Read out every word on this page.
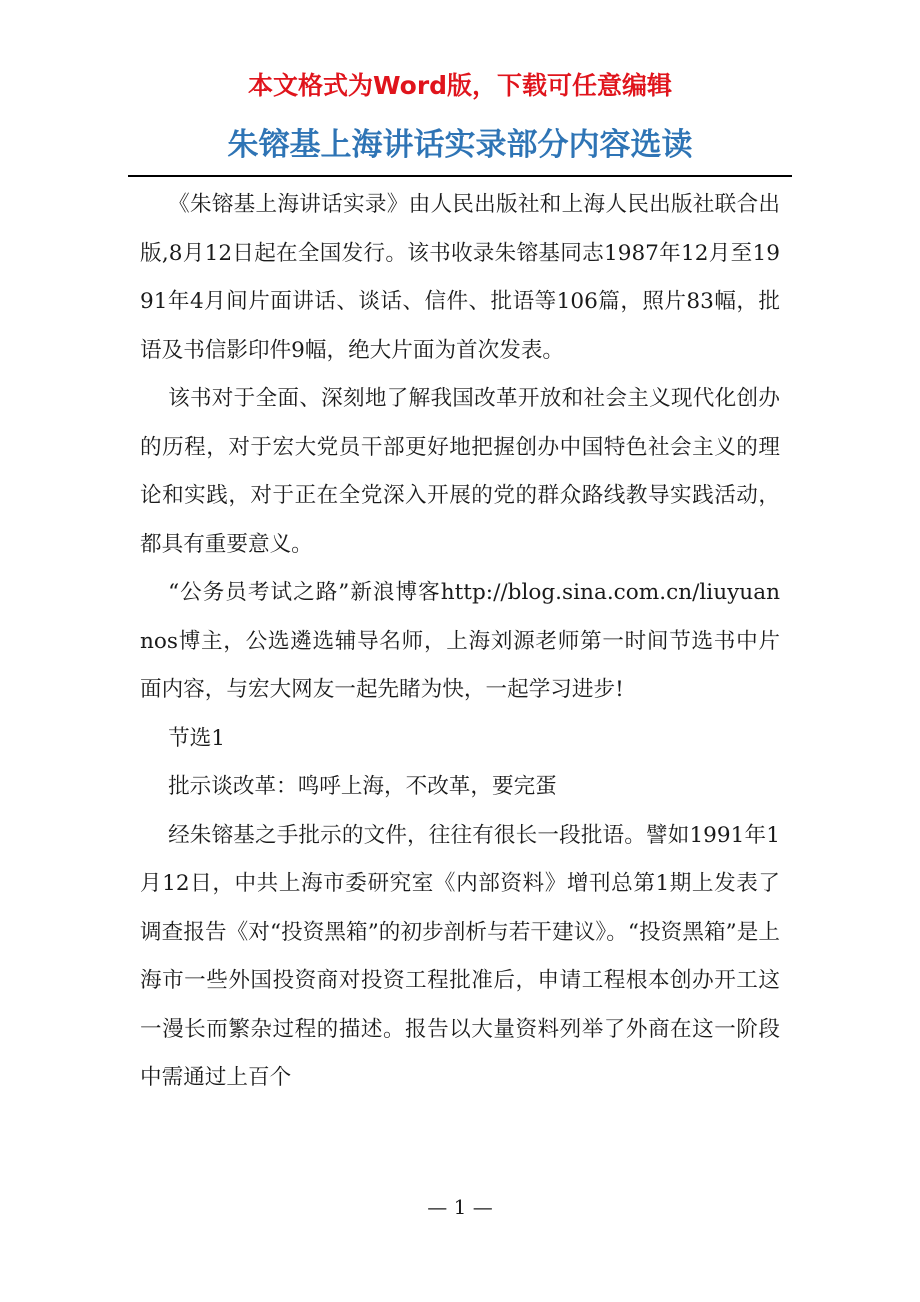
本文格式为Word版，下载可任意编辑
朱镕基上海讲话实录部分内容选读

《朱镕基上海讲话实录》由人民出版社和上海人民出版社联合出版,8月12日起在全国发行。该书收录朱镕基同志1987年12月至1991年4月间片面讲话、谈话、信件、批语等106篇，照片83幅，批语及书信影印件9幅，绝大片面为首次发表。

该书对于全面、深刻地了解我国改革开放和社会主义现代化创办的历程，对于宏大党员干部更好地把握创办中国特色社会主义的理论和实践，对于正在全党深入开展的党的群众路线教导实践活动，都具有重要意义。

“公务员考试之路”新浪博客http://blog.sina.com.cn/liuyuannos博主，公选遴选辅导名师，上海刘源老师第一时间节选书中片面内容，与宏大网友一起先睹为快，一起学习进步!

节选1

批示谈改革：鸣呼上海，不改革，要完蛋

经朱镕基之手批示的文件，往往有很长一段批语。譬如1991年1月12日，中共上海市委研究室《内部资料》增刊总第1期上发表了调查报告《对“投资黑箱”的初步剖析与若干建议》。“投资黑箱”是上海市一些外国投资商对投资工程批准后，申请工程根本创办开工这一漫长而繁杂过程的描述。报告以大量资料列举了外商在这一阶段中需通过上百个

— 1 —
